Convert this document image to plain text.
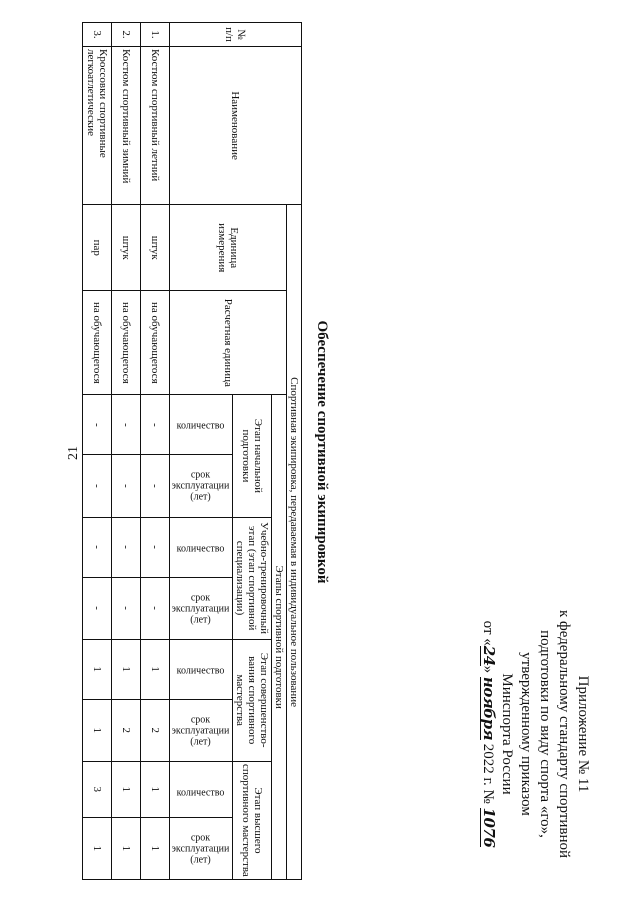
21
Приложение № 11
к федеральному стандарту спортивной
подготовки по виду спорта «го»,
утвержденному приказом
Минспорта России
от «24» ноября 2022 г. № 1076
Обеспечение спортивной экипировкой
№ п/п	Наименование	Спортивная экипировка, передаваемая в индивидуальное пользование									
		Единица измерения	Расчетная единица	Этапы спортивной подготовки							
				Этап начальной подготовки		Учебно-тренировочный этап (этап спортивной специализации)		Этап совершенство-вания спортивного мастерства		Этап высшего спортивного мастерства	

				количество	срок эксплуатации (лет)	количество	срок эксплуатации (лет)	количество	срок эксплуатации (лет)	количество	срок эксплуатации (лет)

1.	Костюм спортивный летний	штук	на обучающегося	-	-	-	-	1	2	1	1
2.	Костюм спортивный зимний	штук	на обучающегося	-	-	-	-	1	2	1	1
3.	Кроссовки спортивные легкоатлетические	пар	на обучающегося	-	-	-	-	1	1	3	1
